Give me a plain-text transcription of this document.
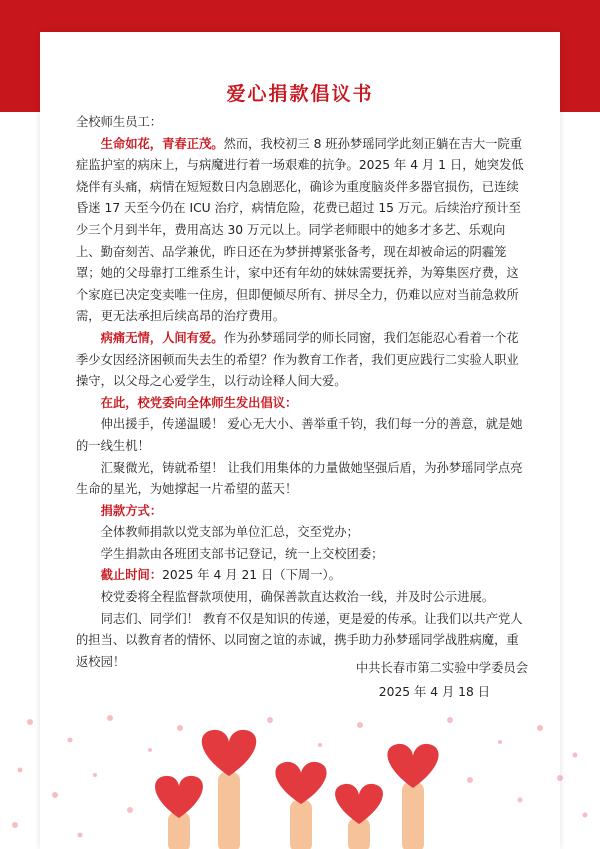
爱心捐款倡议书

全校师生员工：

生命如花，青春正茂。然而，我校初三 8 班孙梦瑶同学此刻正躺在吉大一院重症监护室的病床上，与病魔进行着一场艰难的抗争。2025 年 4 月 1 日，她突发低烧伴有头痛，病情在短短数日内急剧恶化，确诊为重度脑炎伴多器官损伤，已连续昏迷 17 天至今仍在 ICU 治疗，病情危险，花费已超过 15 万元。后续治疗预计至少三个月到半年，费用高达 30 万元以上。同学老师眼中的她多才多艺、乐观向上、勤奋刻苦、品学兼优，昨日还在为梦拼搏紧张备考，现在却被命运的阴霾笼罩；她的父母靠打工维系生计，家中还有年幼的妹妹需要抚养，为筹集医疗费，这个家庭已决定变卖唯一住房，但即便倾尽所有、拼尽全力，仍难以应对当前急救所需，更无法承担后续高昂的治疗费用。

病痛无情，人间有爱。作为孙梦瑶同学的师长同窗，我们怎能忍心看着一个花季少女因经济困顿而失去生的希望？作为教育工作者，我们更应践行二实验人职业操守，以父母之心爱学生，以行动诠释人间大爱。

在此，校党委向全体师生发出倡议：

伸出援手，传递温暖！ 爱心无大小、善举重千钧，我们每一分的善意，就是她的一线生机！

汇聚微光，铸就希望！ 让我们用集体的力量做她坚强后盾，为孙梦瑶同学点亮生命的星光，为她撑起一片希望的蓝天！

捐款方式：

全体教师捐款以党支部为单位汇总，交至党办；

学生捐款由各班团支部书记登记，统一上交校团委；

截止时间：2025 年 4 月 21 日（下周一）。

校党委将全程监督款项使用，确保善款直达救治一线，并及时公示进展。

同志们、同学们！ 教育不仅是知识的传递，更是爱的传承。让我们以共产党人的担当、以教育者的情怀、以同窗之谊的赤诚，携手助力孙梦瑶同学战胜病魔，重返校园！	中共长春市第二实验中学委员会
2025 年 4 月 18 日
